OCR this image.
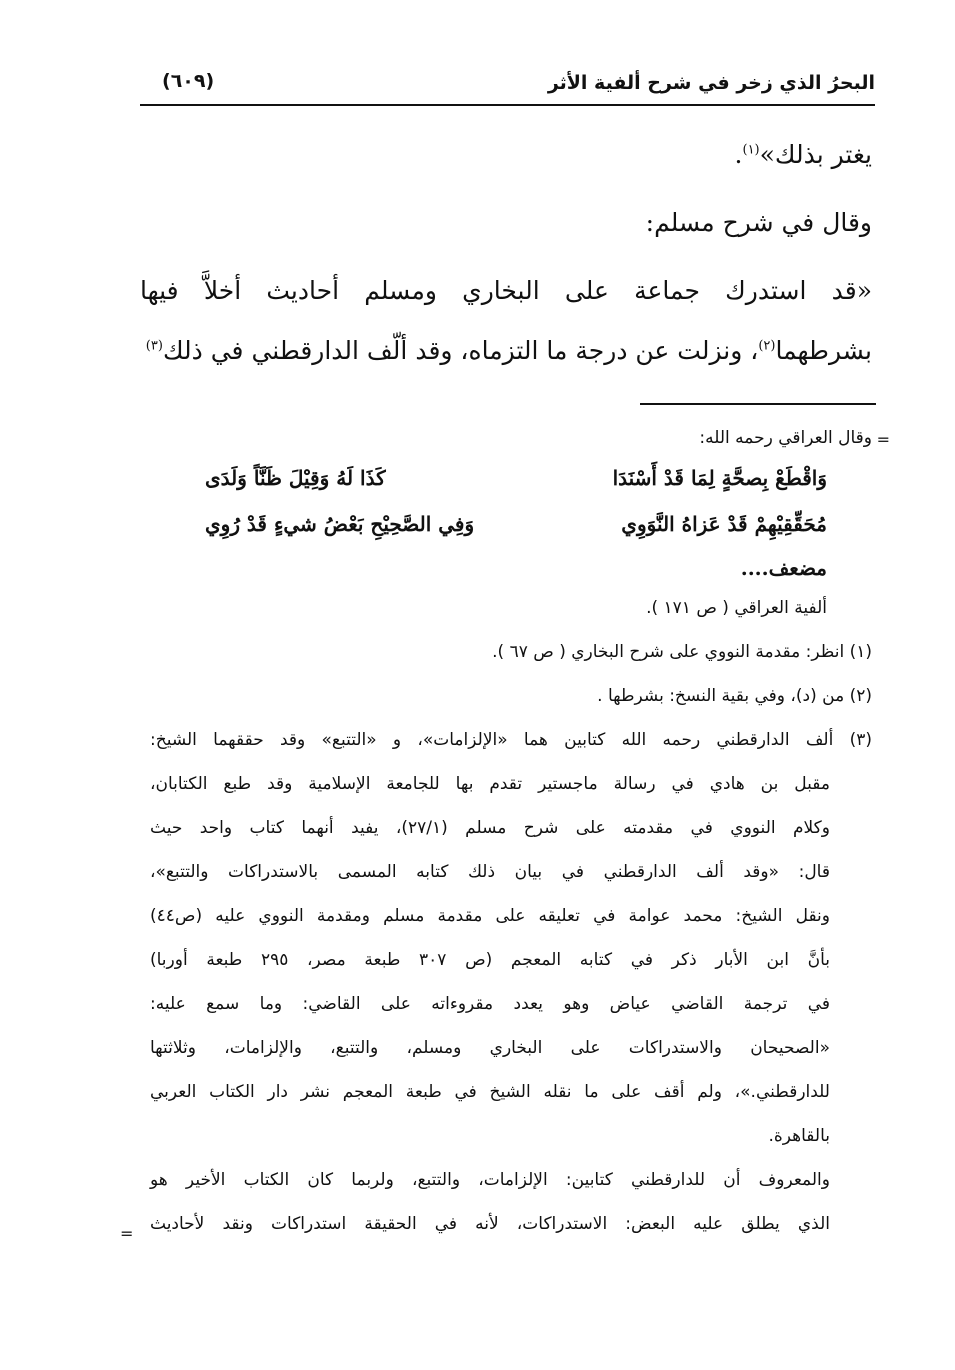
البحرُ الذي زخر في شرح ألفية الأثر
(٦٠٩)
يغتر بذلك»$^{(١)}$.
وقال في شرح مسلم:
«قد استدرك جماعة على البخاري ومسلم أحاديث أخلاَّ فيها
بشرطهما$^{(٢)}$، ونزلت عن درجة ما التزماه، وقد ألّف الدارقطني في ذلك$^{(٣)}$
=
وقال العراقي رحمه الله:
وَاقْطَعْ بِصحَّةٍ لِمَا قَدْ أَسْنَدَا
كَذَا لَهُ وَقِيْلَ ظَنَّاً وَلَدَى
مُحَقِّقِيْهِمْ قَدْ عَزاهُ النَّوَوِي
وَفِي الصَّحِيْحِ بَعْضُ شيءٍ قَدْ رُوِي
مضعف....
ألفية العراقي ( ص ١٧١ ).
(١) انظر: مقدمة النووي على شرح البخاري ( ص ٦٧ ).
(٢) من (د)، وفي بقية النسخ: بشرطها .
(٣) ألف الدارقطني رحمه الله كتابين هما «الإلزامات»، و «التتبع» وقد حققهما الشيخ:
مقبل بن هادي في رسالة ماجستير تقدم بها للجامعة الإسلامية وقد طبع الكتابان،
وكلام النووي في مقدمته على شرح مسلم (٢٧/١)، يفيد أنهما كتاب واحد حيث
قال: «وقد ألف الدارقطني في بيان ذلك كتابه المسمى بالاستدراكات والتتبع»،
ونقل الشيخ: محمد عوامة في تعليقه على مقدمة مسلم ومقدمة النووي عليه (ص٤٤)
بأنَّ ابن الأبار ذكر في كتابه المعجم (ص ٣٠٧ طبعة مصر، ٢٩٥ طبعة أوربا)
في ترجمة القاضي عياض وهو يعدد مقروءاته على القاضي: وما سمع عليه:
«الصحيحان والاستدراكات على البخاري ومسلم، والتتبع، والإلزامات، وثلاثتها
للدارقطني.»، ولم أقف على ما نقله الشيخ في طبعة المعجم نشر دار الكتاب العربي
بالقاهرة.
والمعروف أن للدارقطني كتابين: الإلزامات، والتتبع، ولربما كان الكتاب الأخير هو
الذي يطلق عليه البعض: الاستدراكات، لأنه في الحقيقة استدراكات ونقد لأحاديث
=
